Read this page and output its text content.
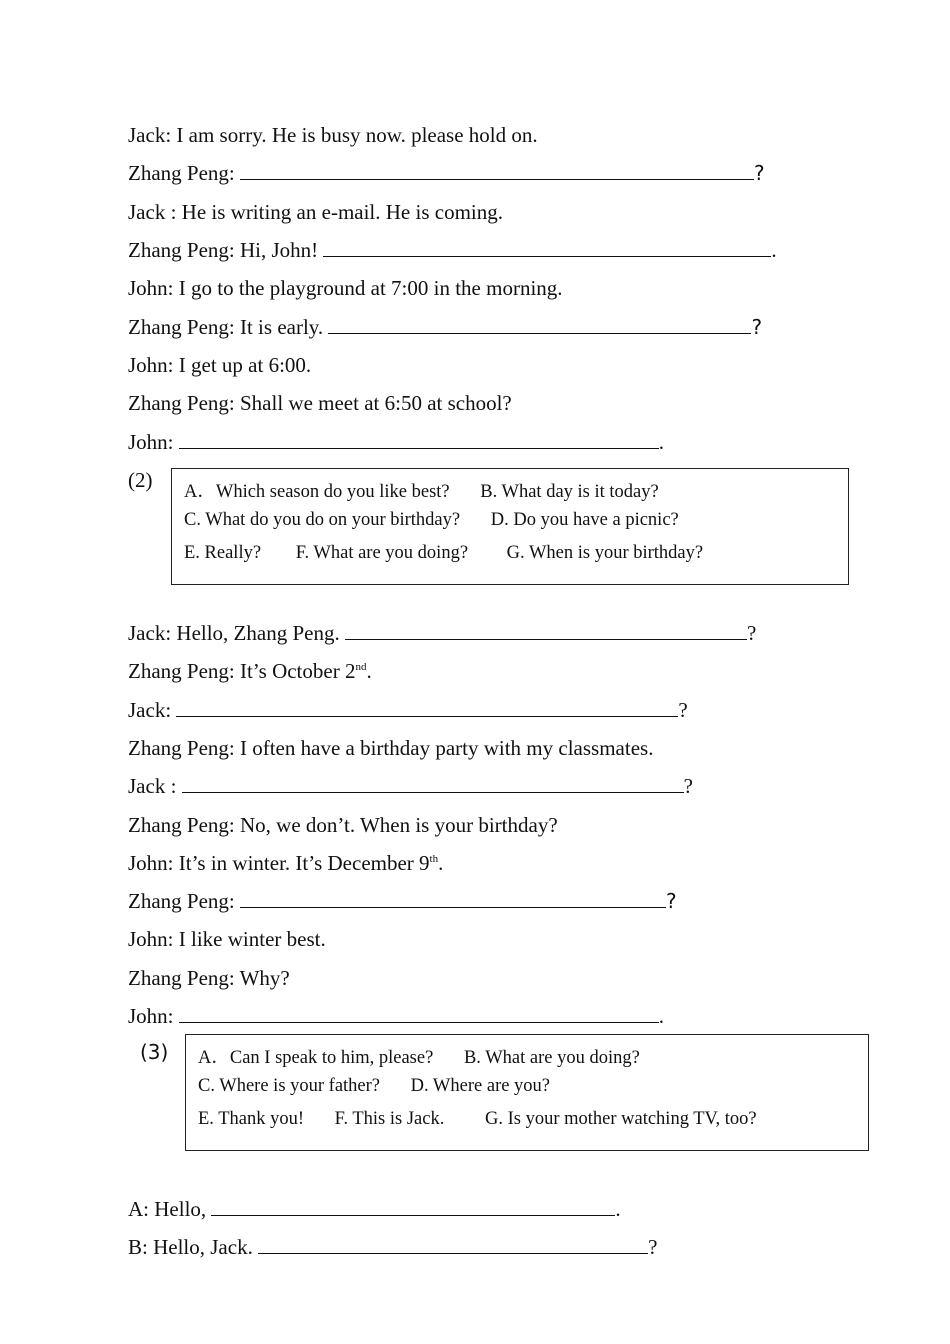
Jack: I am sorry. He is busy now. please hold on.
Zhang Peng:	?
Jack : He is writing an e-mail. He is coming.
Zhang Peng: Hi, John!	.
John: I go to the playground at 7:00 in the morning.
Zhang Peng: It is early.	?
John: I get up at 6:00.
Zhang Peng: Shall we meet at 6:50 at school?
John:	.
(2) A．Which season do you like best? B. What day is it today?
C. What do you do on your birthday? D. Do you have a picnic?
E. Really? F. What are you doing? G. When is your birthday?
Jack: Hello, Zhang Peng.	?
Zhang Peng: It’s October 2nd.
Jack:	?
Zhang Peng: I often have a birthday party with my classmates.
Jack :	?
Zhang Peng: No, we don’t. When is your birthday?
John: It’s in winter. It’s December 9th.
Zhang Peng:	?
John: I like winter best.
Zhang Peng: Why?
John:	.
(3) A．Can I speak to him, please? B. What are you doing?
C. Where is your father? D. Where are you?
E. Thank you! F. This is Jack. G. Is your mother watching TV, too?
A: Hello,	.
B: Hello, Jack.	?
